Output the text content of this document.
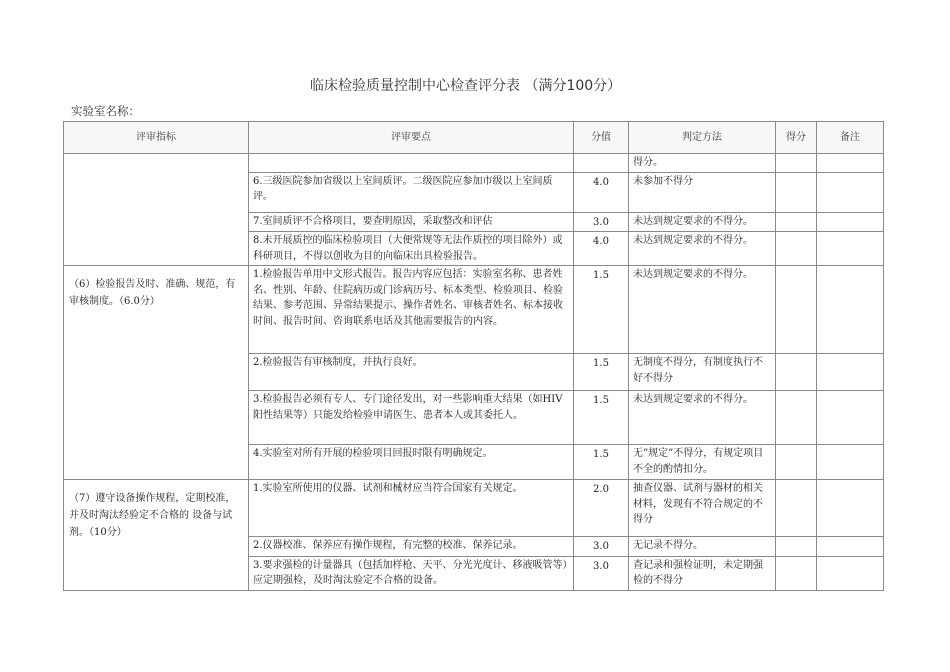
临床检验质量控制中心检查评分表 （满分100分）
实验室名称：
评审指标	评审要点	分值	判定方法	得分	备注
			得分。		
	6.三级医院参加省级以上室间质评。二级医院应参加市级以上室间质评。	4.0	未参加不得分		
	7.室间质评不合格项目，要查明原因，采取整改和评估	3.0	未达到规定要求的不得分。		
	8.未开展质控的临床检验项目（大便常规等无法作质控的项目除外）或科研项目，不得以创收为目的向临床出具检验报告。	4.0	未达到规定要求的不得分。		
（6）检验报告及时、准确、规范，有审核制度。（6.0分）	1.检验报告单用中文形式报告。报告内容应包括：实验室名称、患者姓名、性别、年龄、住院病历或门诊病历号、标本类型、检验项目、检验结果、参考范围、异常结果提示、操作者姓名、审核者姓名、标本接收时间、报告时间、咨询联系电话及其他需要报告的内容。	1.5	未达到规定要求的不得分。		
	2.检验报告有审核制度，并执行良好。	1.5	无制度不得分，有制度执行不好不得分		
	3.检验报告必须有专人、专门途径发出，对一些影响重大结果（如HIV阳性结果等）只能发给检验申请医生、患者本人或其委托人。	1.5	未达到规定要求的不得分。		
	4.实验室对所有开展的检验项目回报时限有明确规定。	1.5	无”规定”不得分，有规定项目不全的酌情扣分。		
（7）遵守设备操作规程，定期校准，并及时淘汰经验定不合格的 设备与试剂。（10分）	1.实验室所使用的仪器、试剂和械材应当符合国家有关规定。	2.0	抽查仪器、试剂与器材的相关材料，发现有不符合规定的不得分		
	2.仪器校准、保养应有操作规程，有完整的校准、保养记录。	3.0	无记录不得分。		
	3.要求强检的计量器具（包括加样枪、天平、分光光度计、移液吸管等）应定期强检，及时淘汰验定不合格的设备。	3.0	查记录和强检证明，未定期强检的不得分		
